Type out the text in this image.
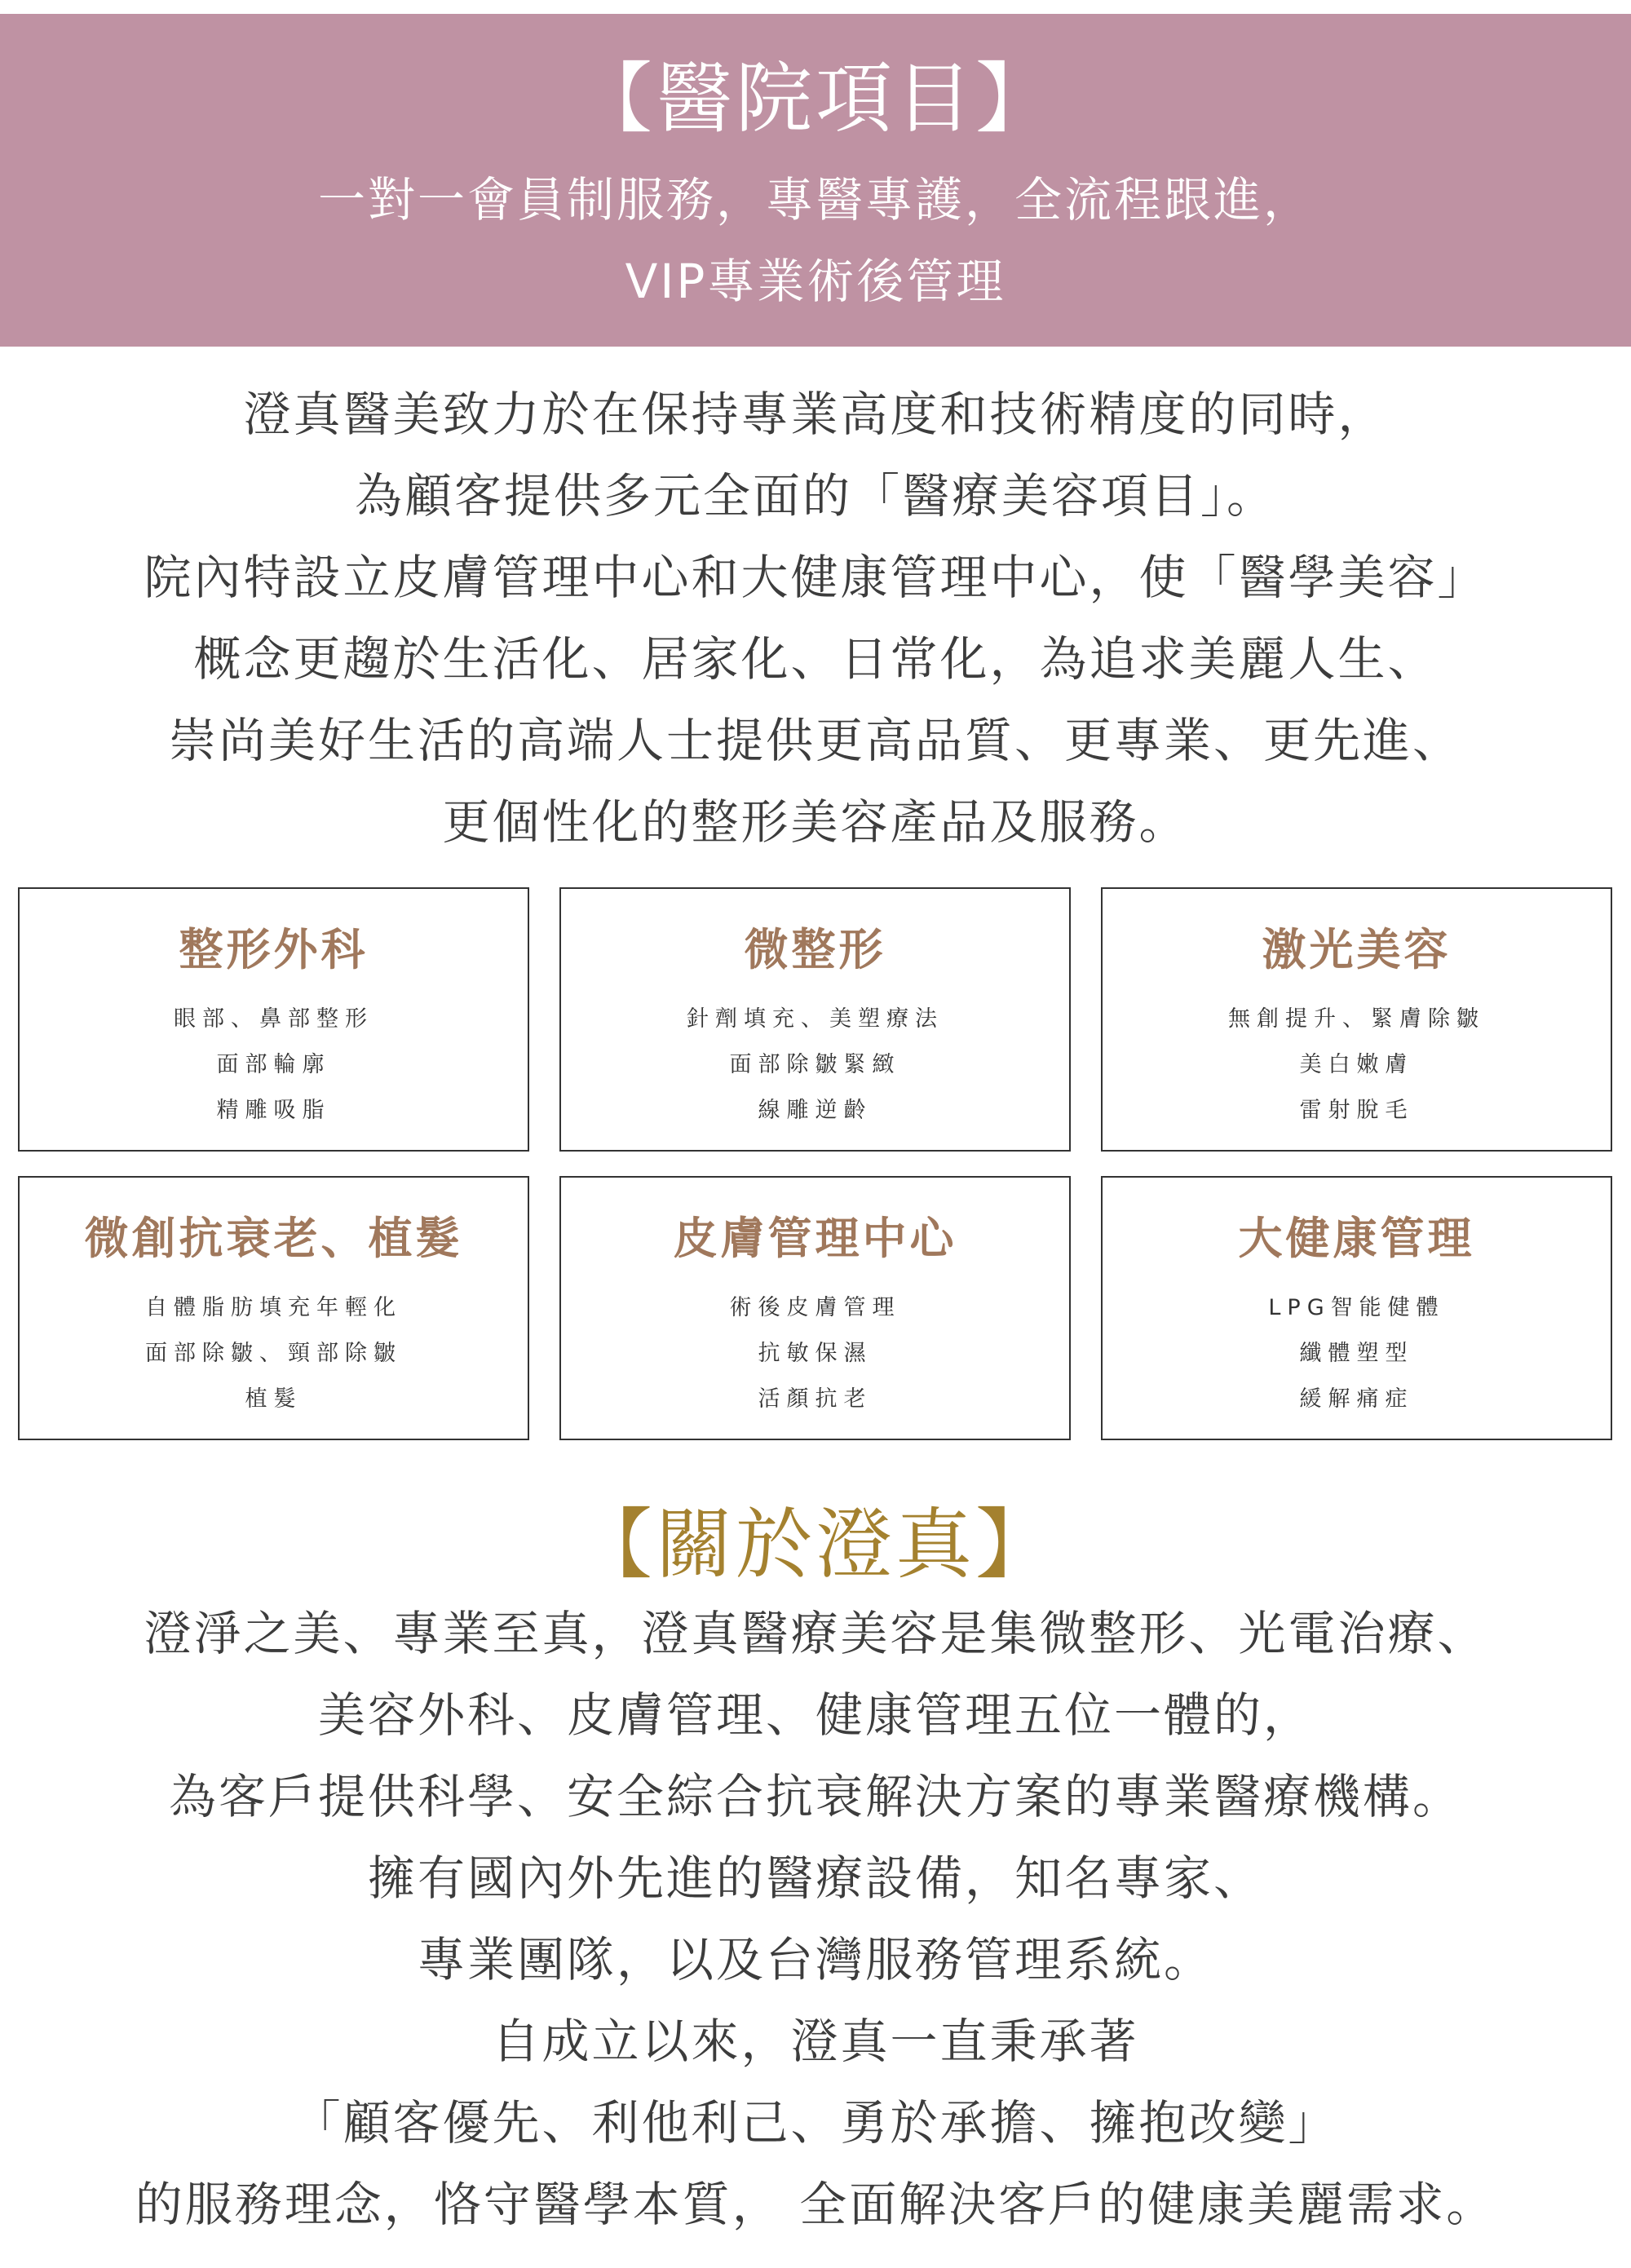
【醫院項目】
一對一會員制服務，專醫專護，全流程跟進，
VIP專業術後管理

澄真醫美致力於在保持專業高度和技術精度的同時，

為顧客提供多元全面的「醫療美容項目」。

院內特設立皮膚管理中心和大健康管理中心，使「醫學美容」

概念更趨於生活化、居家化、日常化，為追求美麗人生、

崇尚美好生活的高端人士提供更高品質、更專業、更先進、

更個性化的整形美容產品及服務。

整形外科
眼部、鼻部整形
面部輪廓
精雕吸脂
微整形
針劑填充、美塑療法
面部除皺緊緻
線雕逆齡
激光美容
無創提升、緊膚除皺
美白嫩膚
雷射脫毛
微創抗衰老、植髮
自體脂肪填充年輕化
面部除皺、頸部除皺
植髮
皮膚管理中心
術後皮膚管理
抗敏保濕
活顏抗老
大健康管理
LPG智能健體
纖體塑型
緩解痛症
【關於澄真】

澄淨之美、專業至真，澄真醫療美容是集微整形、光電治療、

美容外科、皮膚管理、健康管理五位一體的，

為客戶提供科學、安全綜合抗衰解決方案的專業醫療機構。

擁有國內外先進的醫療設備，知名專家、

專業團隊，以及台灣服務管理系統。

自成立以來，澄真一直秉承著

「顧客優先、利他利己、勇於承擔、擁抱改變」

的服務理念，恪守醫學本質， 全面解決客戶的健康美麗需求。
